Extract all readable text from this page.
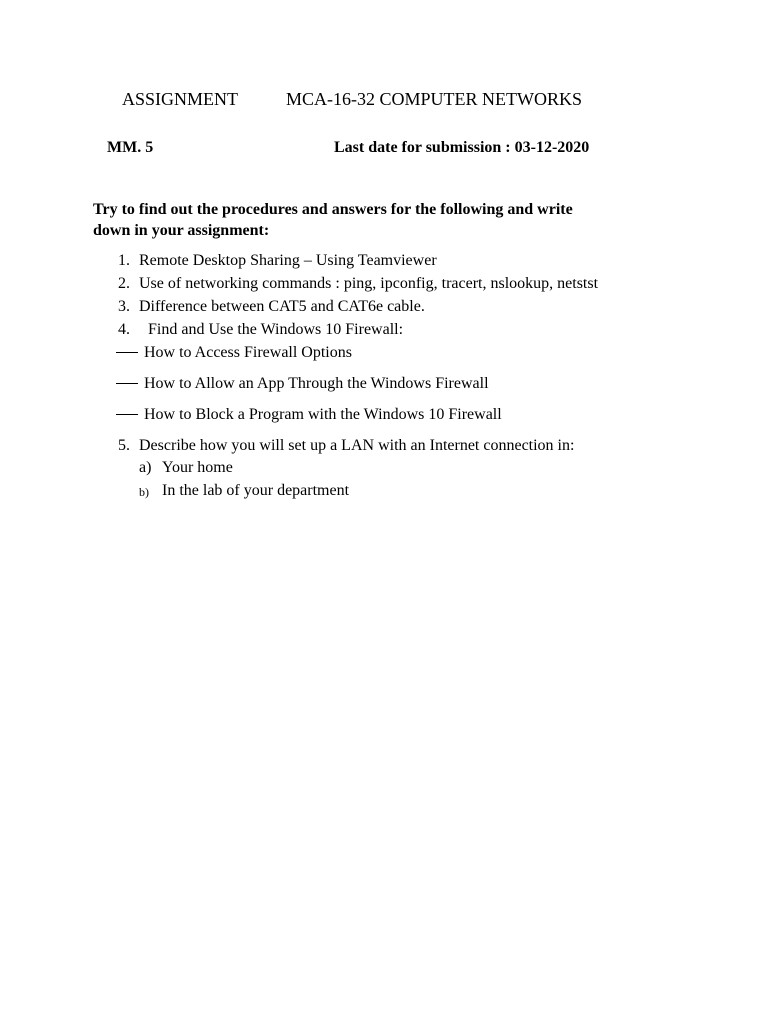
ASSIGNMENT	MCA-16-32 COMPUTER NETWORKS
MM. 5	Last date for submission : 03-12-2020
Try to find out the procedures and answers for the following and write
down in your assignment:
1. Remote Desktop Sharing – Using Teamviewer
2. Use of networking commands : ping, ipconfig, tracert, nslookup, netstst
3. Difference between CAT5 and CAT6e cable.
4. Find and Use the Windows 10 Firewall:
How to Access Firewall Options
How to Allow an App Through the Windows Firewall
How to Block a Program with the Windows 10 Firewall
5. Describe how you will set up a LAN with an Internet connection in:
a) Your home
b) In the lab of your department
